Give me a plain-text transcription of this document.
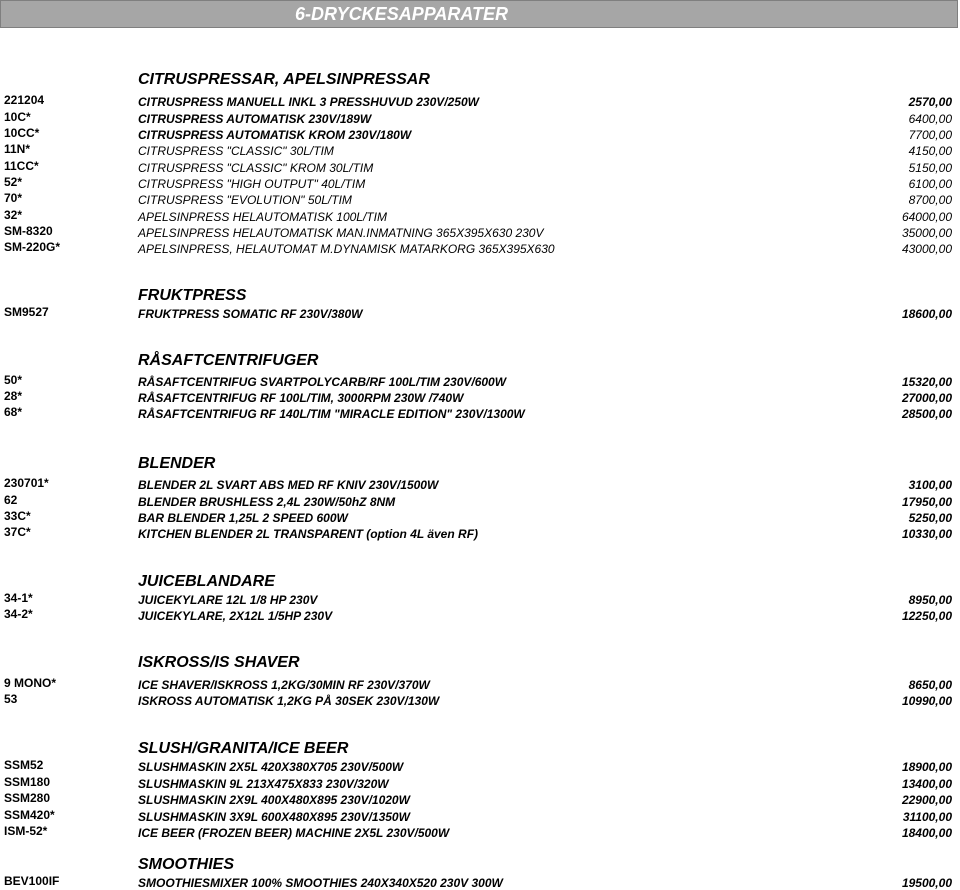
6-DRYCKESAPPARATER
CITRUSPRESSAR, APELSINPRESSAR
221204	CITRUSPRESS MANUELL INKL 3 PRESSHUVUD 230V/250W	2570,00
10C*	CITRUSPRESS AUTOMATISK 230V/189W	6400,00
10CC*	CITRUSPRESS AUTOMATISK KROM 230V/180W	7700,00
11N*	CITRUSPRESS "CLASSIC" 30L/TIM	4150,00
11CC*	CITRUSPRESS "CLASSIC" KROM 30L/TIM	5150,00
52*	CITRUSPRESS "HIGH OUTPUT" 40L/TIM	6100,00
70*	CITRUSPRESS "EVOLUTION" 50L/TIM	8700,00
32*	APELSINPRESS HELAUTOMATISK 100L/TIM	64000,00
SM-8320	APELSINPRESS HELAUTOMATISK MAN.INMATNING 365X395X630 230V	35000,00
SM-220G*	APELSINPRESS, HELAUTOMAT M.DYNAMISK MATARKORG 365X395X630	43000,00
FRUKTPRESS
SM9527	FRUKTPRESS SOMATIC RF 230V/380W	18600,00
RÅSAFTCENTRIFUGER
50*	RÅSAFTCENTRIFUG SVARTPOLYCARB/RF 100L/TIM 230V/600W	15320,00
28*	RÅSAFTCENTRIFUG RF 100L/TIM, 3000RPM 230W /740W	27000,00
68*	RÅSAFTCENTRIFUG RF 140L/TIM "MIRACLE EDITION" 230V/1300W	28500,00
BLENDER
230701*	BLENDER 2L SVART ABS MED RF KNIV 230V/1500W	3100,00
62	BLENDER BRUSHLESS 2,4L 230W/50hZ 8NM	17950,00
33C*	BAR BLENDER 1,25L 2 SPEED 600W	5250,00
37C*	KITCHEN BLENDER 2L TRANSPARENT (option 4L även RF)	10330,00
JUICEBLANDARE
34-1*	JUICEKYLARE 12L 1/8 HP 230V	8950,00
34-2*	JUICEKYLARE, 2X12L 1/5HP 230V	12250,00
ISKROSS/IS SHAVER
9 MONO*	ICE SHAVER/ISKROSS 1,2KG/30MIN RF 230V/370W	8650,00
53	ISKROSS AUTOMATISK 1,2KG PÅ 30SEK 230V/130W	10990,00
SLUSH/GRANITA/ICE BEER
SSM52	SLUSHMASKIN 2X5L 420X380X705 230V/500W	18900,00
SSM180	SLUSHMASKIN 9L 213X475X833 230V/320W	13400,00
SSM280	SLUSHMASKIN 2X9L 400X480X895 230V/1020W	22900,00
SSM420*	SLUSHMASKIN 3X9L 600X480X895 230V/1350W	31100,00
ISM-52*	ICE BEER (FROZEN BEER) MACHINE 2X5L 230V/500W	18400,00
SMOOTHIES
BEV100IF	SMOOTHIESMIXER 100% SMOOTHIES 240X340X520 230V 300W	19500,00
